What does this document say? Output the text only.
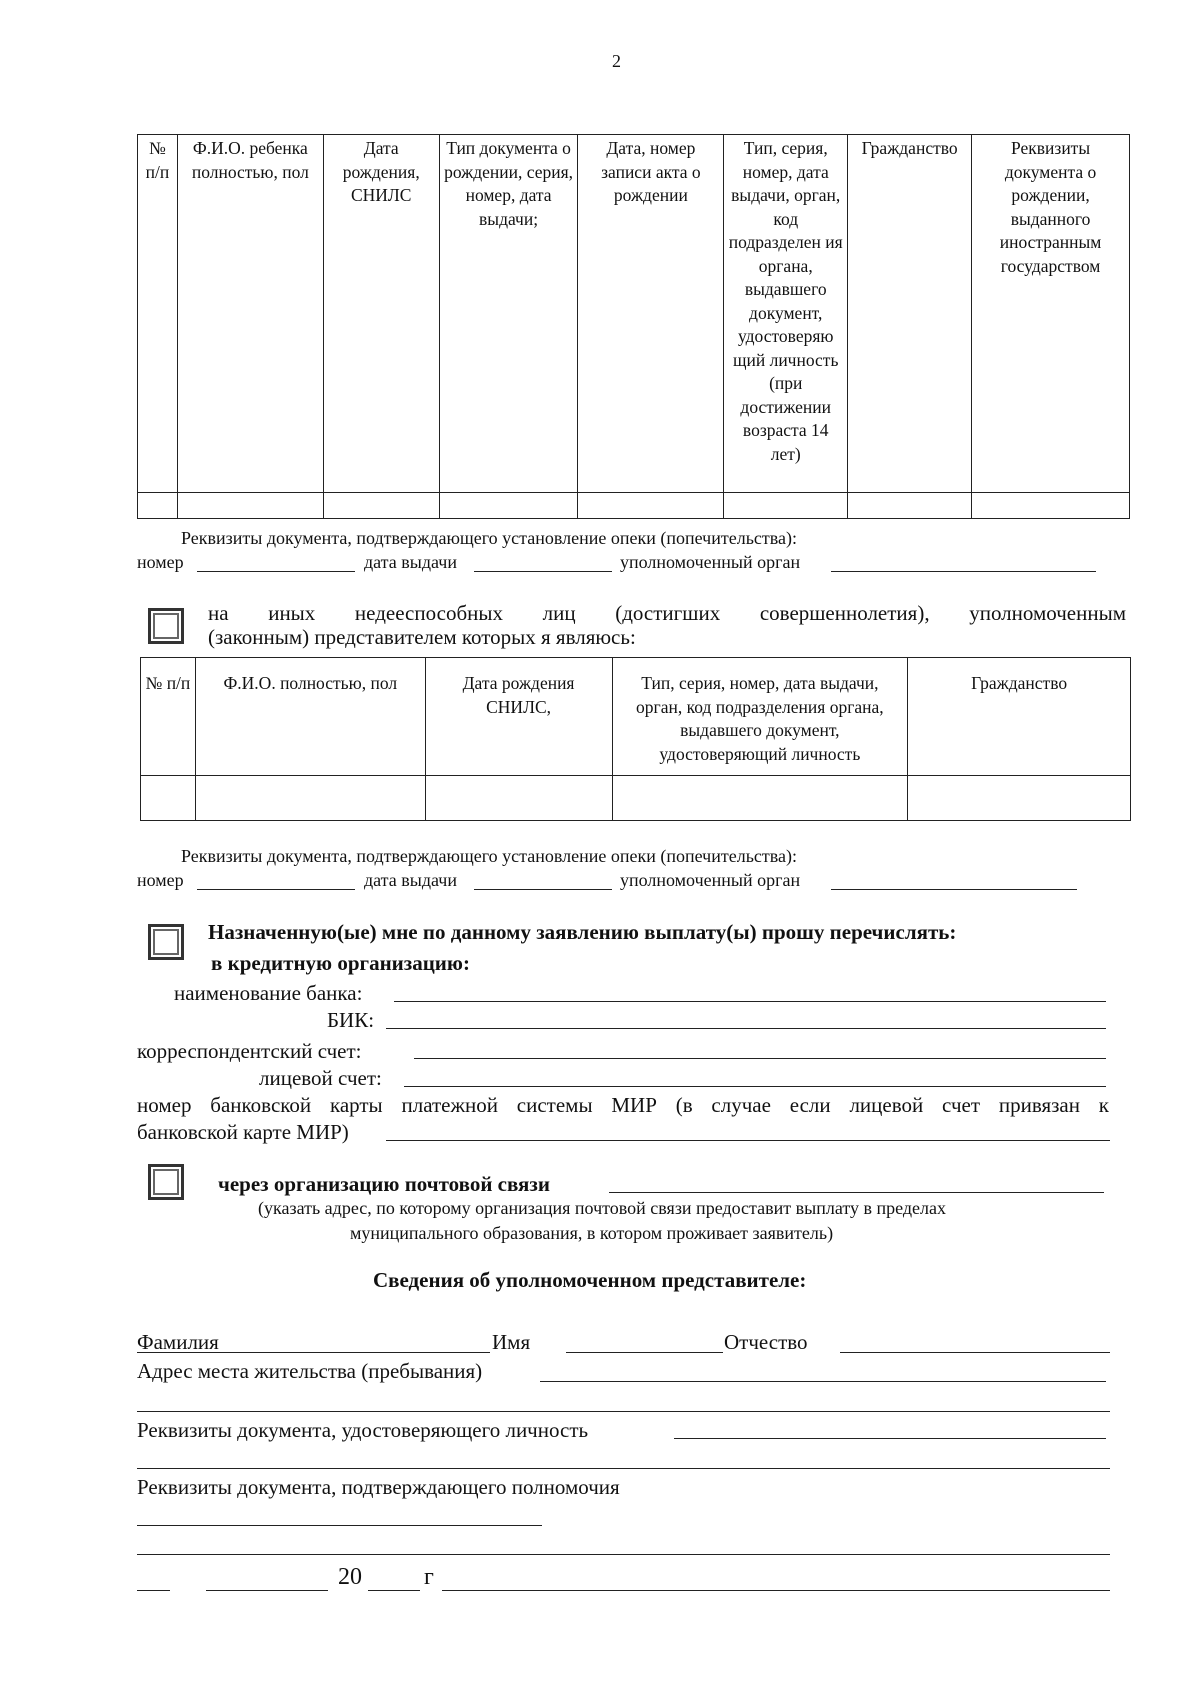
2
№ п/п	Ф.И.О. ребенка полностью, пол	Дата рождения, СНИЛС	Тип документа о рождении, серия, номер, дата выдачи;	Дата, номер записи акта о рождении	Тип, серия, номер, дата выдачи, орган, код подразделен ия органа, выдавшего документ, удостоверяю щий личность (при достижении возраста 14 лет)	Гражданство	Реквизиты документа о рождении, выданного иностранным государством

Реквизиты документа, подтверждающего установление опеки (попечительства):
номер	дата выдачи	уполномоченный орган
на иных недееспособных лиц (достигших совершеннолетия), уполномоченным
(законным) представителем которых я являюсь:
№ п/п	Ф.И.О. полностью, пол	Дата рождения СНИЛС,	Тип, серия, номер, дата выдачи, орган, код подразделения органа, выдавшего документ, удостоверяющий личность	Гражданство

Реквизиты документа, подтверждающего установление опеки (попечительства):
номер	дата выдачи	уполномоченный орган
Назначенную(ые) мне по данному заявлению выплату(ы) прошу перечислять:
в кредитную организацию:
наименование банка:
БИК:
корреспондентский счет:
лицевой счет:
номер банковской карты платежной системы МИР (в случае если лицевой счет привязан к
банковской карте МИР)
через организацию почтовой связи
(указать адрес, по которому организация почтовой связи предоставит выплату в пределах
муниципального образования, в котором проживает заявитель)
Сведения об уполномоченном представителе:
Фамилия	Имя	Отчество
Адрес места жительства (пребывания)
Реквизиты документа, удостоверяющего личность
Реквизиты документа, подтверждающего полномочия
20	г
